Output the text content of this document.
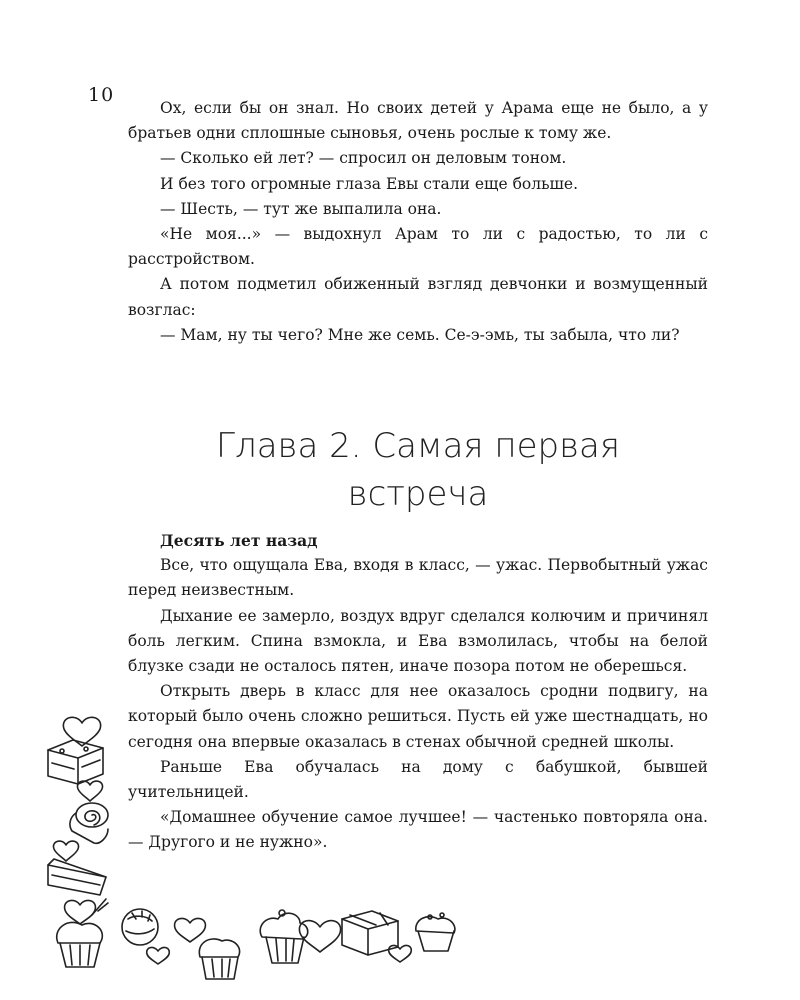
10

Ох, если бы он знал. Но своих детей у Арама еще не было, а у братьев одни сплошные сыновья, очень рослые к тому же.

— Сколько ей лет? — спросил он деловым тоном.

И без того огромные глаза Евы стали еще больше.

— Шесть, — тут же выпалила она.

«Не моя...» — выдохнул Арам то ли с радостью, то ли с расстройством.

А потом подметил обиженный взгляд девчонки и возмущенный возглас:

— Мам, ну ты чего? Мне же семь. Се-э-эмь, ты забыла, что ли?

Глава 2. Самая первая
встреча

Десять лет назад

Все, что ощущала Ева, входя в класс, — ужас. Первобытный ужас перед неизвестным.

Дыхание ее замерло, воздух вдруг сделался колючим и причинял боль легким. Спина взмокла, и Ева взмолилась, чтобы на белой блузке сзади не осталось пятен, иначе позора потом не оберешься.

Открыть дверь в класс для нее оказалось сродни подвигу, на который было очень сложно решиться. Пусть ей уже шестнадцать, но сегодня она впервые оказалась в стенах обычной средней школы.

Раньше Ева обучалась на дому с бабушкой, бывшей учительницей.

«Домашнее обучение самое лучшее! — частенько повторяла она. — Другого и не нужно».
